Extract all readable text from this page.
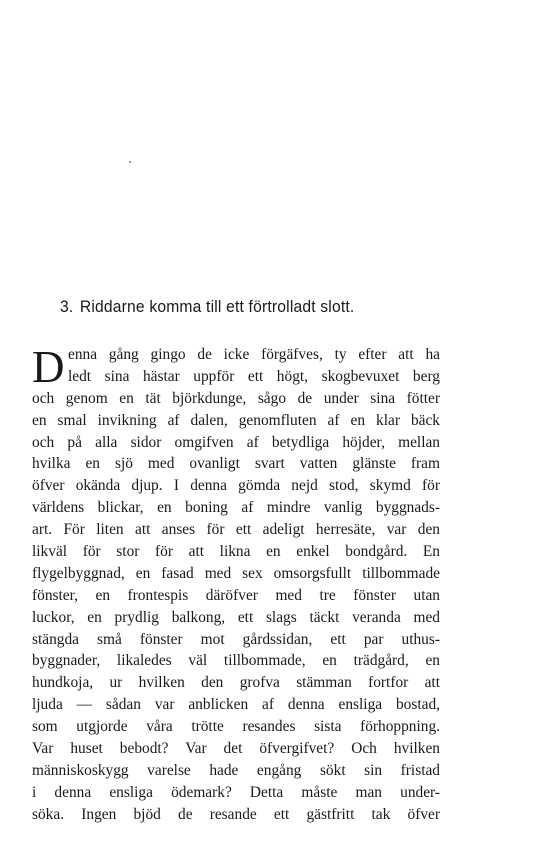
3. Riddarne komma till ett förtrolladt slott.
D enna gång gingo de icke förgäfves, ty efter att ha
ledt sina hästar uppför ett högt, skogbevuxet berg
och genom en tät björkdunge, sågo de under sina fötter
en smal invikning af dalen, genomfluten af en klar bäck
och på alla sidor omgifven af betydliga höjder, mellan
hvilka en sjö med ovanligt svart vatten glänste fram
öfver okända djup. I denna gömda nejd stod, skymd för
världens blickar, en boning af mindre vanlig byggnads-
art. För liten att anses för ett adeligt herresäte, var den
likväl för stor för att likna en enkel bondgård. En
flygelbyggnad, en fasad med sex omsorgsfullt tillbommade
fönster, en frontespis däröfver med tre fönster utan
luckor, en prydlig balkong, ett slags täckt veranda med
stängda små fönster mot gårdssidan, ett par uthus-
byggnader, likaledes väl tillbommade, en trädgård, en
hundkoja, ur hvilken den grofva stämman fortfor att
ljuda — sådan var anblicken af denna ensliga bostad,
som utgjorde våra trötte resandes sista förhoppning.
Var huset bebodt? Var det öfvergifvet? Och hvilken
människoskygg varelse hade engång sökt sin fristad
i denna ensliga ödemark? Detta måste man under-
söka. Ingen bjöd de resande ett gästfritt tak öfver
